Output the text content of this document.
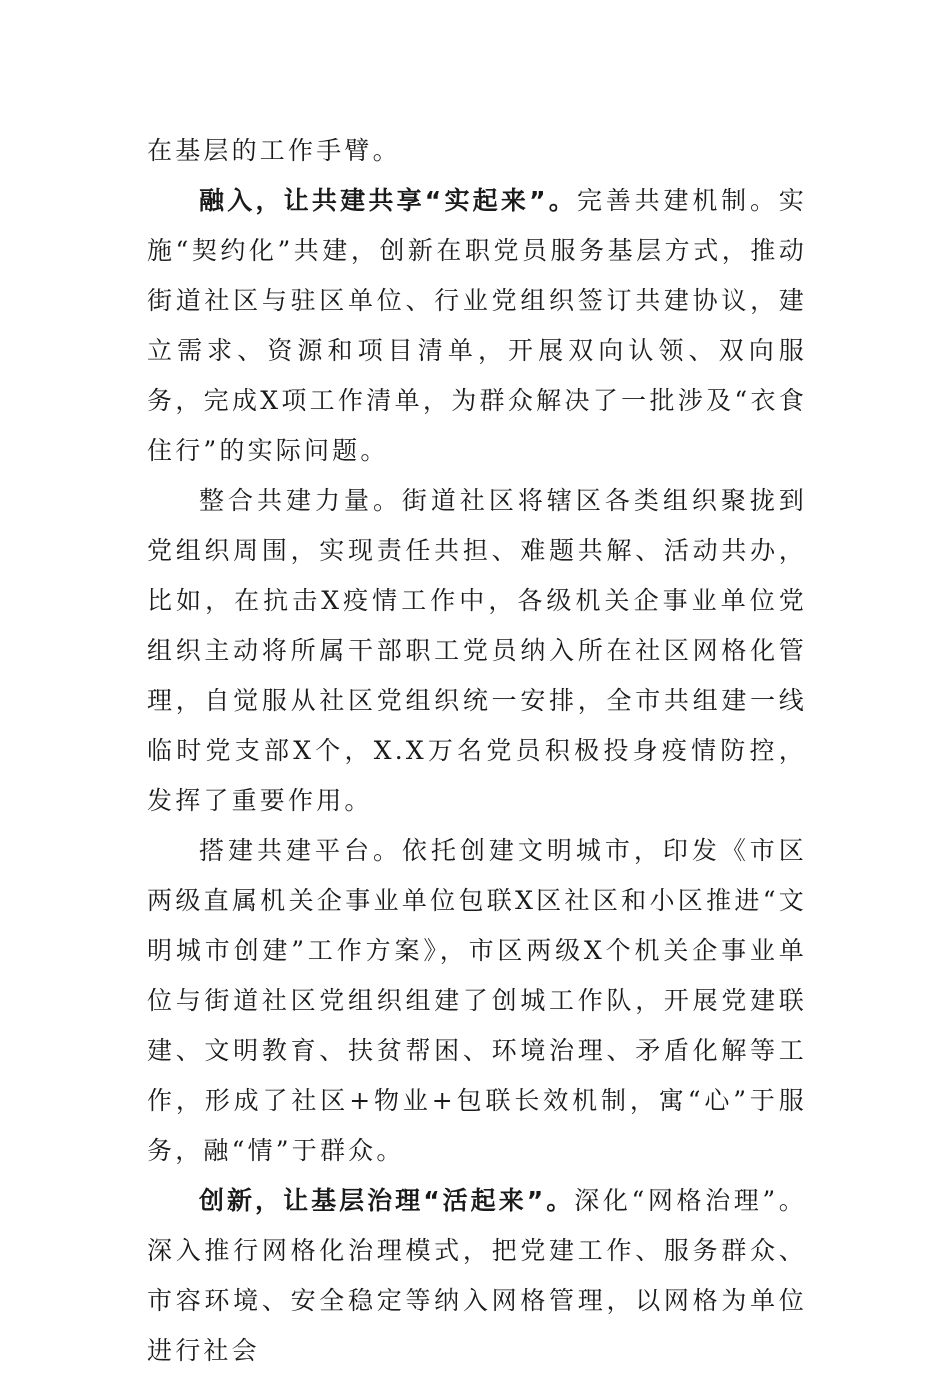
在基层的工作手臂。

融入，让共建共享“实起来”。完善共建机制。实施“契约化”共建，创新在职党员服务基层方式，推动街道社区与驻区单位、行业党组织签订共建协议，建立需求、资源和项目清单，开展双向认领、双向服务，完成X项工作清单，为群众解决了一批涉及“衣食住行”的实际问题。

整合共建力量。街道社区将辖区各类组织聚拢到党组织周围，实现责任共担、难题共解、活动共办，比如，在抗击X疫情工作中，各级机关企事业单位党组织主动将所属干部职工党员纳入所在社区网格化管理，自觉服从社区党组织统一安排，全市共组建一线临时党支部X个，X.X万名党员积极投身疫情防控，发挥了重要作用。

搭建共建平台。依托创建文明城市，印发《市区两级直属机关企事业单位包联X区社区和小区推进“文明城市创建”工作方案》，市区两级X个机关企事业单位与街道社区党组织组建了创城工作队，开展党建联建、文明教育、扶贫帮困、环境治理、矛盾化解等工作，形成了社区+物业+包联长效机制，寓“心”于服务，融“情”于群众。

创新，让基层治理“活起来”。深化“网格治理”。深入推行网格化治理模式，把党建工作、服务群众、市容环境、安全稳定等纳入网格管理，以网格为单位进行社会
